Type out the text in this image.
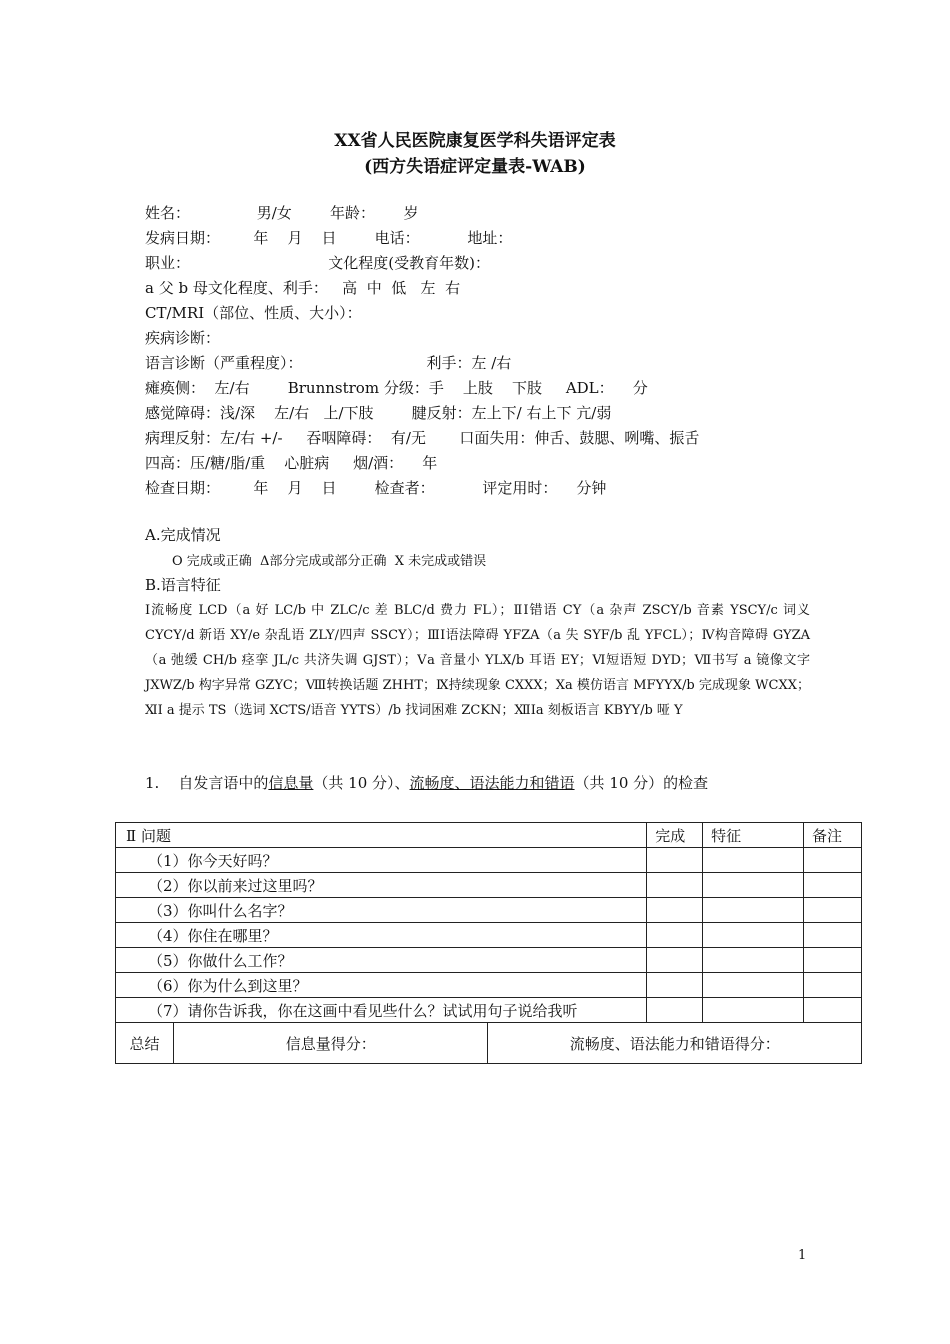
XX省人民医院康复医学科失语评定表
(西方失语症评定量表-WAB)
姓名：              男/女        年龄：      岁
发病日期：       年    月    日        电话：          地址：
职业：                             文化程度(受教育年数)：
a 父 b 母文化程度、利手：   高  中  低   左  右
CT/MRI（部位、性质、大小）：
疾病诊断：
语言诊断（严重程度）：                          利手：左 /右
瘫痪侧：  左/右        Brunnstrom 分级：手    上肢    下肢     ADL：    分
感觉障碍：浅/深    左/右   上/下肢        腱反射：左上下/ 右上下 亢/弱
病理反射：左/右 +/-     吞咽障碍：  有/无       口面失用：伸舌、鼓腮、咧嘴、振舌
四高：压/糖/脂/重    心脏病     烟/酒：    年
检查日期：       年    月    日        检查者：          评定用时：    分钟
A.完成情况
O 完成或正确  Δ部分完成或部分正确  X 未完成或错误
B.语言特征
Ⅰ流畅度 LCD（a 好 LC/b 中 ZLC/c 差 BLC/d 费力 FL）；ⅡI错语 CY（a 杂声 ZSCY/b 音素 YSCY/c 词义 CYCY/d 新语 XY/e 杂乱语 ZLY/四声 SSCY）；ⅢI语法障碍 YFZA（a 失 SYF/b 乱 YFCL）；Ⅳ构音障碍 GYZA（a 弛缓 CH/b 痉挛 JL/c 共济失调 GJST）；Ⅴa 音量小 YLX/b 耳语 EY；Ⅵ短语短 DYD；Ⅶ书写 a 镜像文字 JXWZ/b 构字异常 GZYC；Ⅷ转换话题 ZHHT；Ⅸ持续现象 CXXX；Ⅹa 模仿语言 MFYYX/b 完成现象 WCXX；ⅪI a 提示 TS（选词 XCTS/语音 YYTS）/b 找词困难 ZCKN；ⅫIa 刻板语言 KBYY/b 哑 Y
1.    自发言语中的信息量（共 10 分）、流畅度、语法能力和错语（共 10 分）的检查
Ⅱ 问题			完成	特征	备注
（1）你今天好吗？					
（2）你以前来过这里吗？					
（3）你叫什么名字？					
（4）你住在哪里？					
（5）你做什么工作？					
（6）你为什么到这里？					
（7）请你告诉我，你在这画中看见些什么？试试用句子说给我听					
总结	信息量得分：	流畅度、语法能力和错语得分：			
1
